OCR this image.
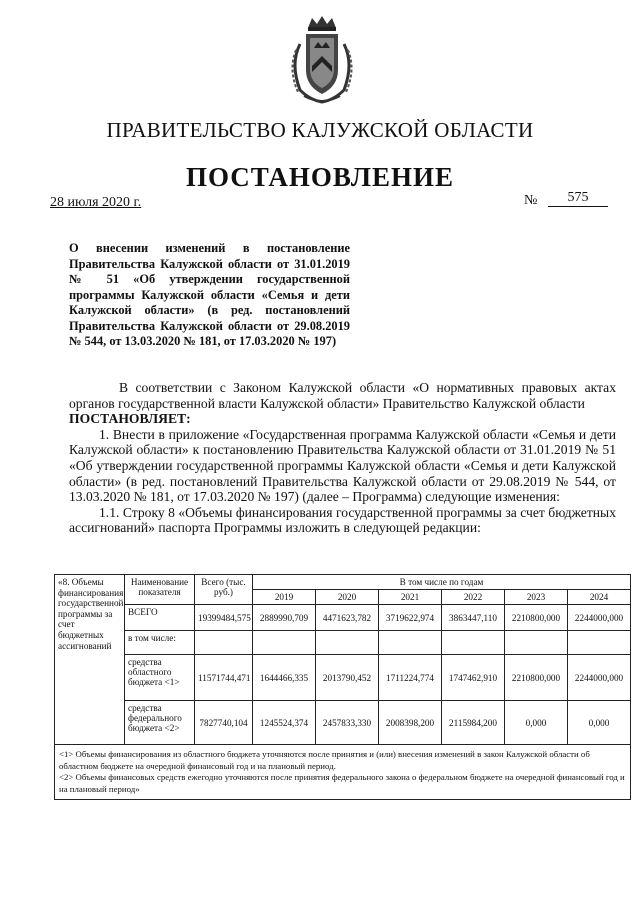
ПРАВИТЕЛЬСТВО КАЛУЖСКОЙ ОБЛАСТИ
ПОСТАНОВЛЕНИЕ
28 июля 2020 г.	№	575

О внесении изменений в постановление Правительства Калужской области от 31.01.2019 № 51 «Об утверждении государственной программы Калужской области «Семья и дети Калужской области» (в ред. постановлений Правительства Калужской области от 29.08.2019 № 544, от 13.03.2020 № 181, от 17.03.2020 № 197)

В соответствии с Законом Калужской области «О нормативных правовых актах органов государственной власти Калужской области» Правительство Калужской области

ПОСТАНОВЛЯЕТ:

1. Внести в приложение «Государственная программа Калужской области «Семья и дети Калужской области» к постановлению Правительства Калужской области от 31.01.2019 № 51 «Об утверждении государственной программы Калужской области «Семья и дети Калужской области» (в ред. постановлений Правительства Калужской области от 29.08.2019 № 544, от 13.03.2020 № 181, от 17.03.2020 № 197) (далее – Программа) следующие изменения:

1.1. Строку 8 «Объемы финансирования государственной программы за счет бюджетных ассигнований» паспорта Программы изложить в следующей редакции:

«8. Объемы финансирования государственной программы за счет бюджетных ассигнований	Наименование показателя	Всего (тыс. руб.)	В том числе по годам					
			2019	2020	2021	2022	2023	2024
	ВСЕГО	19399484,575	2889990,709	4471623,782	3719622,974	3863447,110	2210800,000	2244000,000
	в том числе:							
	средства областного бюджета <1>	11571744,471	1644466,335	2013790,452	1711224,774	1747462,910	2210800,000	2244000,000
	средства федерального бюджета <2>	7827740,104	1245524,374	2457833,330	2008398,200	2115984,200	0,000	0,000

<1> Объемы финансирования из областного бюджета уточняются после принятия и (или) внесения изменений в закон Калужской области об областном бюджете на очередной финансовый год и на плановый период.

<2> Объемы финансовых средств ежегодно уточняются после принятия федерального закона о федеральном бюджете на очередной финансовый год и на плановый период»								
